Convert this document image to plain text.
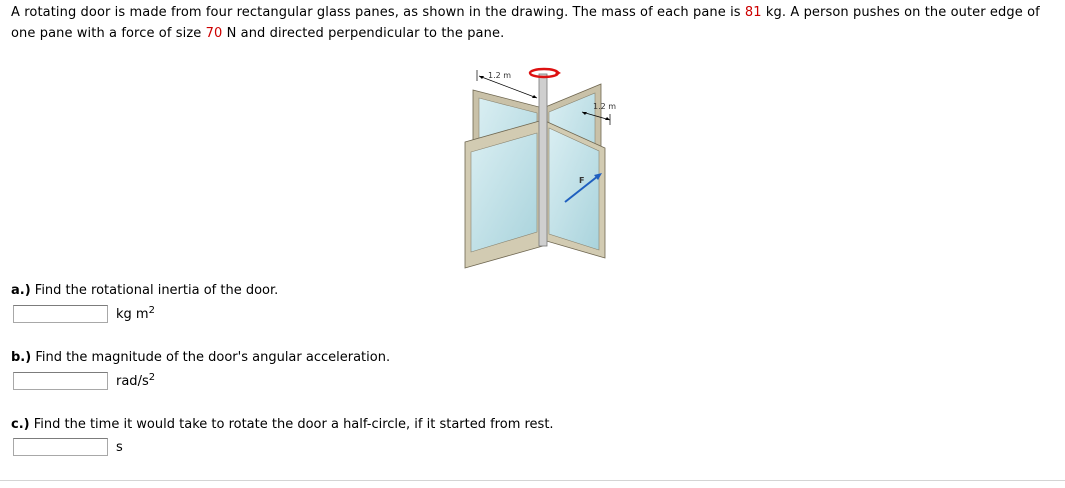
A rotating door is made from four rectangular glass panes, as shown in the drawing. The mass of each pane is 81 kg. A person pushes on the outer edge of one pane with a force of size 70 N and directed perpendicular to the pane.
1.2 m
1.2 m
F
a.) Find the rotational inertia of the door.
kg $m^2$
b.) Find the magnitude of the door's angular acceleration.
rad/$s^2$
c.) Find the time it would take to rotate the door a half-circle, if it started from rest.
s
